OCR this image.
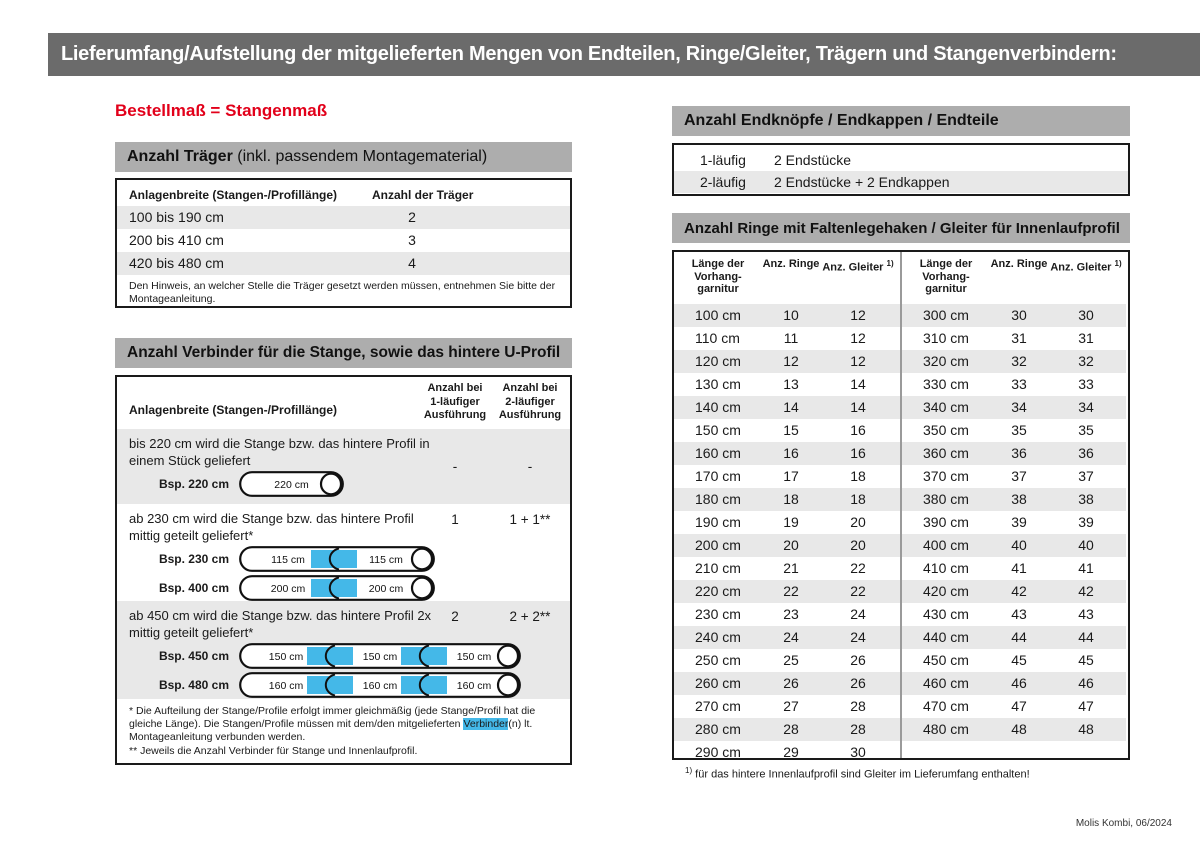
Lieferumfang/Aufstellung der mitgelieferten Mengen von Endteilen, Ringe/Gleiter, Trägern und Stangenverbindern:
Bestellmaß = Stangenmaß
Anzahl Träger (inkl. passendem Montagematerial)
Anlagenbreite (Stangen-/Profillänge)	Anzahl der Träger
100 bis 190 cm	2
200 bis 410 cm	3
420 bis 480 cm	4
Den Hinweis, an welcher Stelle die Träger gesetzt werden müssen, entnehmen Sie bitte der Montageanleitung.
Anzahl Verbinder für die Stange, sowie das hintere U-Profil
Anlagenbreite (Stangen-/Profillänge)
Anzahl bei
1-läufiger
Ausführung
Anzahl bei
2-läufiger
Ausführung
bis 220 cm wird die Stange bzw. das hintere Profil in einem Stück geliefert	-	-
Bsp. 220 cm	220 cm
ab 230 cm wird die Stange bzw. das hintere Profil mittig geteilt geliefert*
1	1 + 1**
Bsp. 230 cm	115 cm	115 cm
Bsp. 400 cm	200 cm	200 cm
ab 450 cm wird die Stange bzw. das hintere Profil 2x mittig geteilt geliefert*
2	2 + 2**
Bsp. 450 cm	150 cm	150 cm	150 cm
Bsp. 480 cm	160 cm	160 cm	160 cm
* Die Aufteilung der Stange/Profile erfolgt immer gleichmäßig (jede Stange/Profil hat die gleiche Länge). Die Stangen/Profile müssen mit dem/den mitgelieferten Verbinder(n) lt. Montageanleitung verbunden werden.
** Jeweils die Anzahl Verbinder für Stange und Innenlaufprofil.
Anzahl Endknöpfe / Endkappen / Endteile
1-läufig 2 Endstücke
2-läufig 2 Endstücke + 2 Endkappen
Anzahl Ringe mit Faltenlegehaken / Gleiter für Innenlaufprofil
Länge der
Vorhang-
garnitur
Anz. Ringe Anz. Gleiter $^{1)}$
100 cm	10	12
110 cm	11	12
120 cm	12	12
130 cm	13	14
140 cm	14	14
150 cm	15	16
160 cm	16	16
170 cm	17	18
180 cm	18	18
190 cm	19	20
200 cm	20	20
210 cm	21	22
220 cm	22	22
230 cm	23	24
240 cm	24	24
250 cm	25	26
260 cm	26	26
270 cm	27	28
280 cm	28	28
290 cm	29	30
Länge der
Vorhang-
garnitur
Anz. Ringe Anz. Gleiter $^{1)}$
300 cm	30	30
310 cm	31	31
320 cm	32	32
330 cm	33	33
340 cm	34	34
350 cm	35	35
360 cm	36	36
370 cm	37	37
380 cm	38	38
390 cm	39	39
400 cm	40	40
410 cm	41	41
420 cm	42	42
430 cm	43	43
440 cm	44	44
450 cm	45	45
460 cm	46	46
470 cm	47	47
480 cm	48	48
$^{1)}$ für das hintere Innenlaufprofil sind Gleiter im Lieferumfang enthalten!
Molis Kombi, 06/2024
